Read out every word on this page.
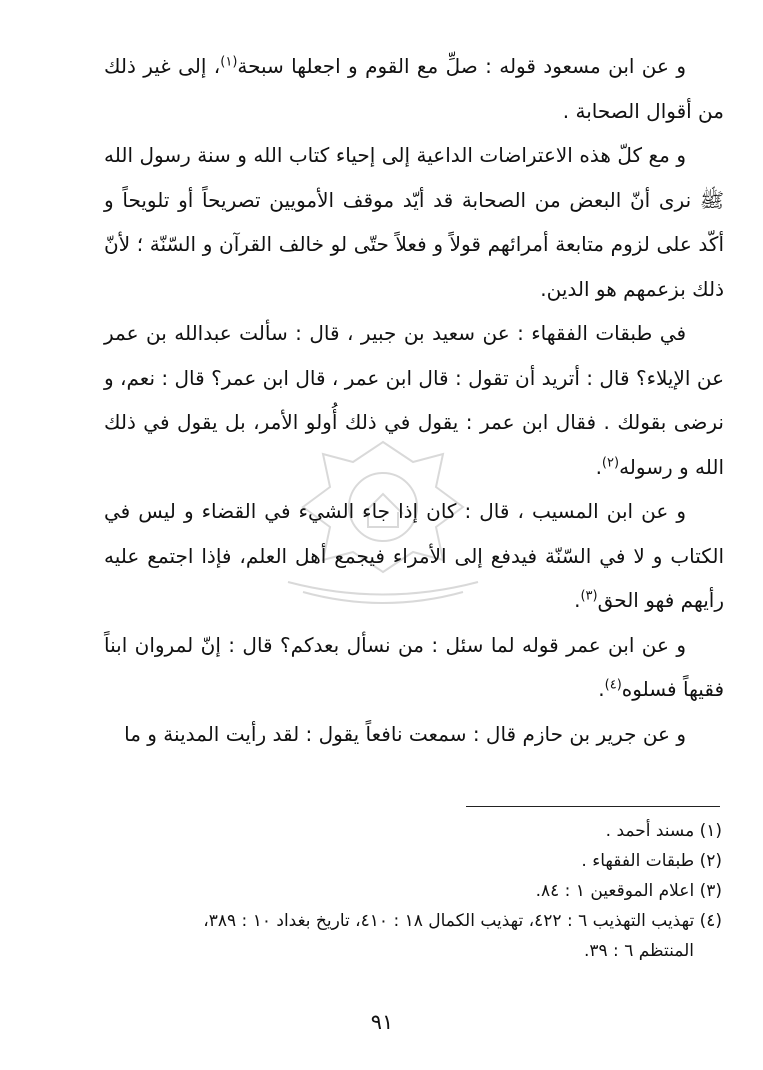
و عن ابن مسعود قوله : صلِّ مع القوم و اجعلها سبحة$^{(١)}$، إلى غير ذلك من أقوال الصحابة .

و مع كلّ هذه الاعتراضات الداعية إلى إحياء كتاب الله و سنة رسول الله ﷺ نرى أنّ البعض من الصحابة قد أيّد موقف الأمويين تصريحاً أو تلويحاً و أكّد على لزوم متابعة أمرائهم قولاً و فعلاً حتّى لو خالف القرآن و السّنّة ؛ لأنّ ذلك بزعمهم هو الدين.

في طبقات الفقهاء : عن سعيد بن جبير ، قال : سألت عبدالله بن عمر عن الإيلاء؟ قال : أتريد أن تقول : قال ابن عمر ، قال ابن عمر؟ قال : نعم، و نرضى بقولك . فقال ابن عمر : يقول في ذلك أُولو الأمر، بل يقول في ذلك الله و رسوله$^{(٢)}$.

و عن ابن المسيب ، قال : كان إذا جاء الشيء في القضاء و ليس في الكتاب و لا في السّنّة فيدفع إلى الأمراء فيجمع أهل العلم، فإذا اجتمع عليه رأيهم فهو الحق$^{(٣)}$.

و عن ابن عمر قوله لما سئل : من نسأل بعدكم؟ قال : إنّ لمروان ابناً فقيهاً فسلوه$^{(٤)}$.

و عن جرير بن حازم قال : سمعت نافعاً يقول : لقد رأيت المدينة و ما

(١) مسند أحمد .

(٢) طبقات الفقهاء .

(٣) اعلام الموقعين ١ : ٨٤.

(٤) تهذيب التهذيب ٦ : ٤٢٢، تهذيب الكمال ١٨ : ٤١٠، تاريخ بغداد ١٠ : ٣٨٩،

المنتظم ٦ : ٣٩.

٩١
